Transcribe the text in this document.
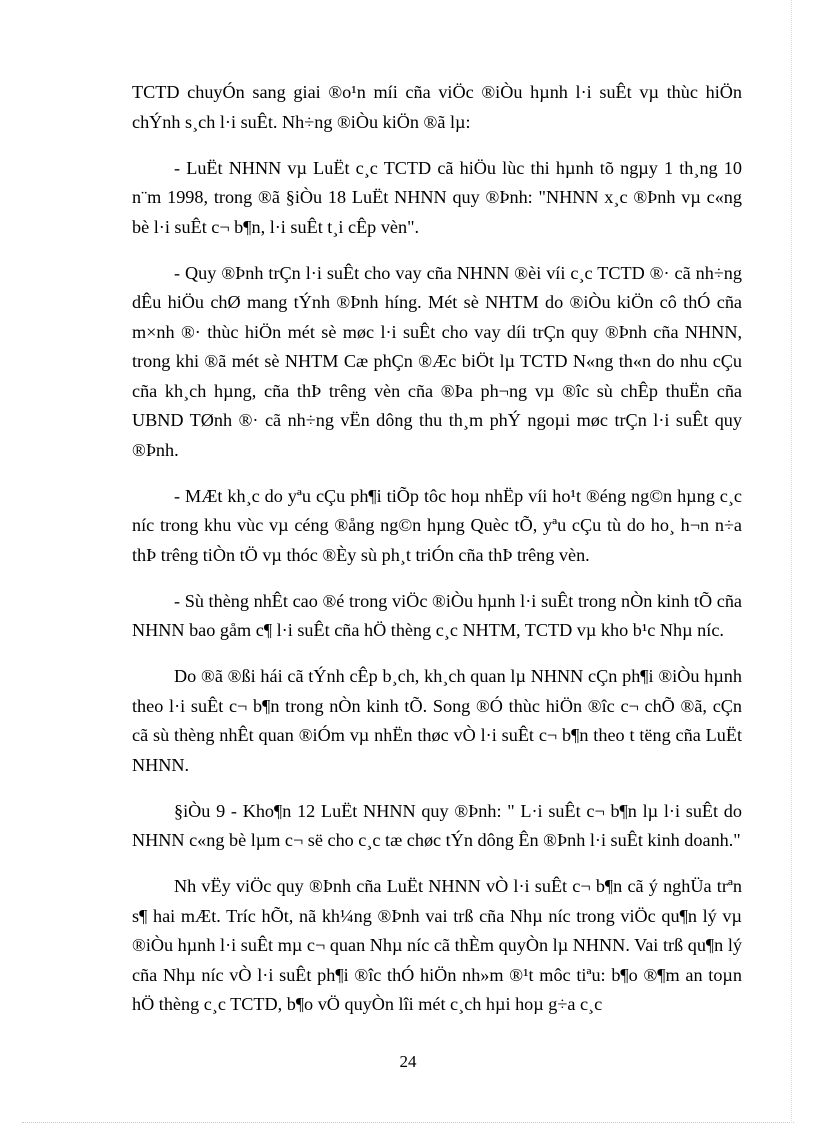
TCTD chuyÓn sang giai ®o¹n míi cña viÖc ®iÒu hµnh l·i suÊt vµ thùc hiÖn chÝnh s¸ch l·i suÊt. Nh÷ng ®iÒu kiÖn ®ã lµ:

- LuËt NHNN vµ LuËt c¸c TCTD cã hiÖu lùc thi hµnh tõ ngµy 1 th¸ng 10 n¨m 1998, trong ®ã §iÒu 18 LuËt NHNN quy ®Þnh: "NHNN x¸c ®Þnh vµ c«ng bè l·i suÊt c¬ b¶n, l·i suÊt t¸i cÊp vèn".

- Quy ®Þnh trÇn l·i suÊt cho vay cña NHNN ®èi víi c¸c TCTD ®· cã nh÷ng dÊu hiÖu chØ mang tÝnh ®Þnh híng. Mét sè NHTM do ®iÒu kiÖn cô thÓ cña m×nh ®· thùc hiÖn mét sè møc l·i suÊt cho vay díi trÇn quy ®Þnh cña NHNN, trong khi ®ã mét sè NHTM Cæ phÇn ®Æc biÖt lµ TCTD N«ng th«n do nhu cÇu cña kh¸ch hµng, cña thÞ trêng vèn cña ®Þa ph¬ng vµ ®îc sù chÊp thuËn cña UBND TØnh ®· cã nh÷ng vËn dông thu th¸m phÝ ngoµi møc trÇn l·i suÊt quy ®Þnh.

- MÆt kh¸c do yªu cÇu ph¶i tiÕp tôc hoµ nhËp víi ho¹t ®éng ng©n hµng c¸c níc trong khu vùc vµ céng ®ång ng©n hµng Quèc tÕ, yªu cÇu tù do ho¸ h¬n n÷a thÞ trêng tiÒn tÖ vµ thóc ®Èy sù ph¸t triÓn cña thÞ trêng vèn.

- Sù thèng nhÊt cao ®é trong viÖc ®iÒu hµnh l·i suÊt trong nÒn kinh tÕ cña NHNN bao gåm c¶ l·i suÊt cña hÖ thèng c¸c NHTM, TCTD vµ kho b¹c Nhµ níc.

Do ®ã ®ßi hái cã tÝnh cÊp b¸ch, kh¸ch quan lµ NHNN cÇn ph¶i ®iÒu hµnh theo l·i suÊt c¬ b¶n trong nÒn kinh tÕ. Song ®Ó thùc hiÖn ®îc c¬ chÕ ®ã, cÇn cã sù thèng nhÊt quan ®iÓm vµ nhËn thøc vÒ l·i suÊt c¬ b¶n theo t tëng cña LuËt NHNN.

§iÒu 9 - Kho¶n 12 LuËt NHNN quy ®Þnh: " L·i suÊt c¬ b¶n lµ l·i suÊt do NHNN c«ng bè lµm c¬ së cho c¸c tæ chøc tÝn dông Ên ®Þnh l·i suÊt kinh doanh."

Nh vËy viÖc quy ®Þnh cña LuËt NHNN vÒ l·i suÊt c¬ b¶n cã ý nghÜa trªn s¶ hai mÆt. Tríc hÕt, nã kh¼ng ®Þnh vai trß cña Nhµ níc trong viÖc qu¶n lý vµ ®iÒu hµnh l·i suÊt mµ c¬ quan Nhµ níc cã thÈm quyÒn lµ NHNN. Vai trß qu¶n lý cña Nhµ níc vÒ l·i suÊt ph¶i ®îc thÓ hiÖn nh»m ®¹t môc tiªu: b¶o ®¶m an toµn hÖ thèng c¸c TCTD, b¶o vÖ quyÒn lîi mét c¸ch hµi hoµ g÷a c¸c

24
